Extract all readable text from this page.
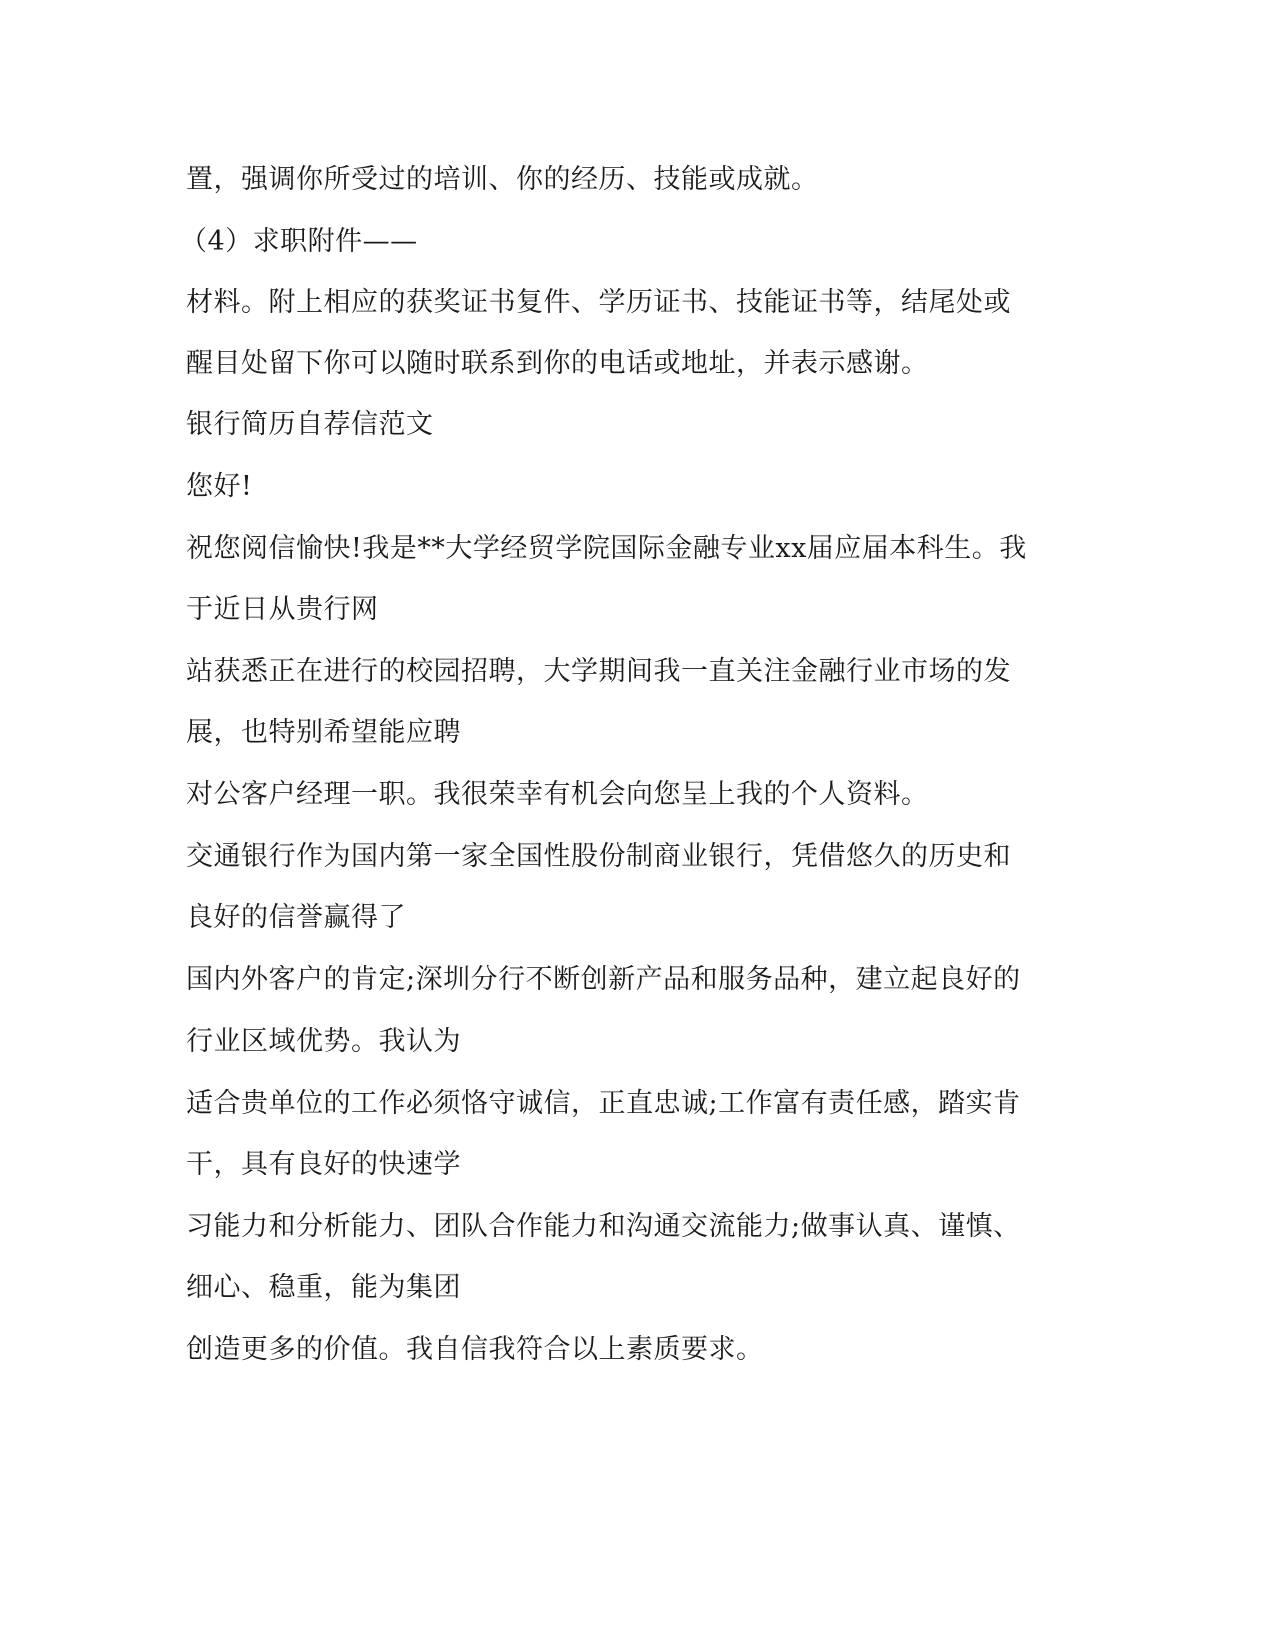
置，强调你所受过的培训、你的经历、技能或成就。
（4）求职附件——
材料。附上相应的获奖证书复件、学历证书、技能证书等，结尾处或
醒目处留下你可以随时联系到你的电话或地址，并表示感谢。
银行简历自荐信范文
您好!
祝您阅信愉快!我是**大学经贸学院国际金融专业xx届应届本科生。我
于近日从贵行网
站获悉正在进行的校园招聘，大学期间我一直关注金融行业市场的发
展，也特别希望能应聘
对公客户经理一职。我很荣幸有机会向您呈上我的个人资料。
交通银行作为国内第一家全国性股份制商业银行，凭借悠久的历史和
良好的信誉赢得了
国内外客户的肯定;深圳分行不断创新产品和服务品种，建立起良好的
行业区域优势。我认为
适合贵单位的工作必须恪守诚信，正直忠诚;工作富有责任感，踏实肯
干，具有良好的快速学
习能力和分析能力、团队合作能力和沟通交流能力;做事认真、谨慎、
细心、稳重，能为集团
创造更多的价值。我自信我符合以上素质要求。
